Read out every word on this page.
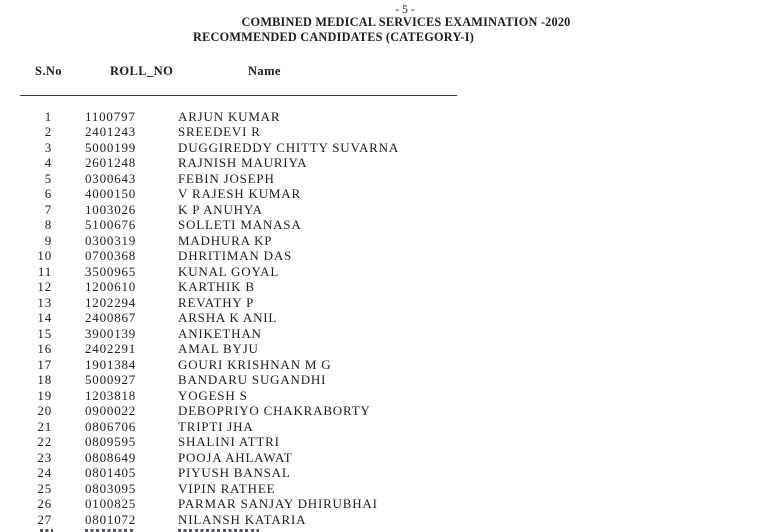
- 5 -
COMBINED MEDICAL SERVICES EXAMINATION -2020
RECOMMENDED CANDIDATES (CATEGORY-I)
S.No	ROLL_NO	Name
1	1100797	ARJUN KUMAR
2	2401243	SREEDEVI R
3	5000199	DUGGIREDDY CHITTY SUVARNA
4	2601248	RAJNISH MAURIYA
5	0300643	FEBIN JOSEPH
6	4000150	V RAJESH KUMAR
7	1003026	K P ANUHYA
8	5100676	SOLLETI MANASA
9	0300319	MADHURA KP
10	0700368	DHRITIMAN DAS
11	3500965	KUNAL GOYAL
12	1200610	KARTHIK B
13	1202294	REVATHY P
14	2400867	ARSHA K ANIL
15	3900139	ANIKETHAN
16	2402291	AMAL BYJU
17	1901384	GOURI KRISHNAN M G
18	5000927	BANDARU SUGANDHI
19	1203818	YOGESH S
20	0900022	DEBOPRIYO CHAKRABORTY
21	0806706	TRIPTI JHA
22	0809595	SHALINI ATTRI
23	0808649	POOJA AHLAWAT
24	0801405	PIYUSH BANSAL
25	0803095	VIPIN RATHEE
26	0100825	PARMAR SANJAY DHIRUBHAI
27	0801072	NILANSH KATARIA
